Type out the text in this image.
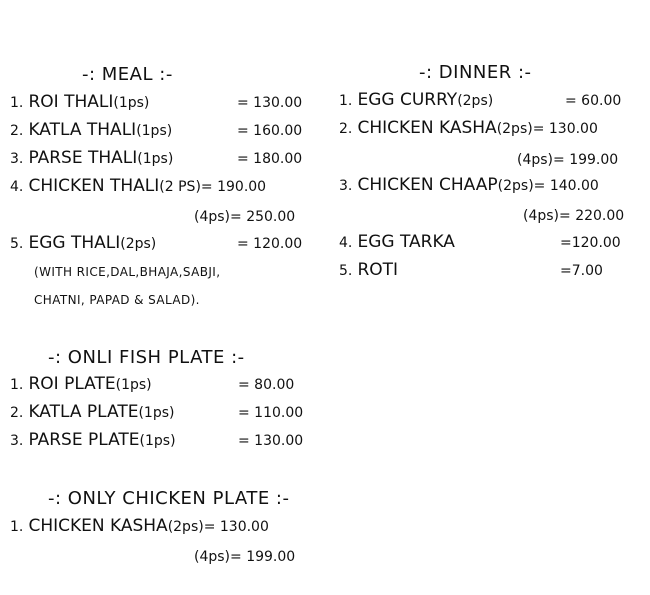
-: MEAL :-
1. ROI THALI(1ps)	= 130.00
2. KATLA THALI(1ps)	= 160.00
3. PARSE THALI(1ps)	= 180.00
4. CHICKEN THALI(2 PS)= 190.00
(4ps)= 250.00
5. EGG THALI(2ps)	= 120.00
(WITH RICE,DAL,BHAJA,SABJI,
CHATNI, PAPAD & SALAD).
-: ONLI FISH PLATE :-
1. ROI PLATE(1ps)	= 80.00
2. KATLA PLATE(1ps)	= 110.00
3. PARSE PLATE(1ps)	= 130.00
-: ONLY CHICKEN PLATE :-
1. CHICKEN KASHA(2ps)= 130.00
(4ps)= 199.00
-: DINNER :-
1. EGG CURRY(2ps)	= 60.00
2. CHICKEN KASHA(2ps)= 130.00
(4ps)= 199.00
3. CHICKEN CHAAP(2ps)= 140.00
(4ps)= 220.00
4. EGG TARKA	=120.00
5. ROTI	=7.00
